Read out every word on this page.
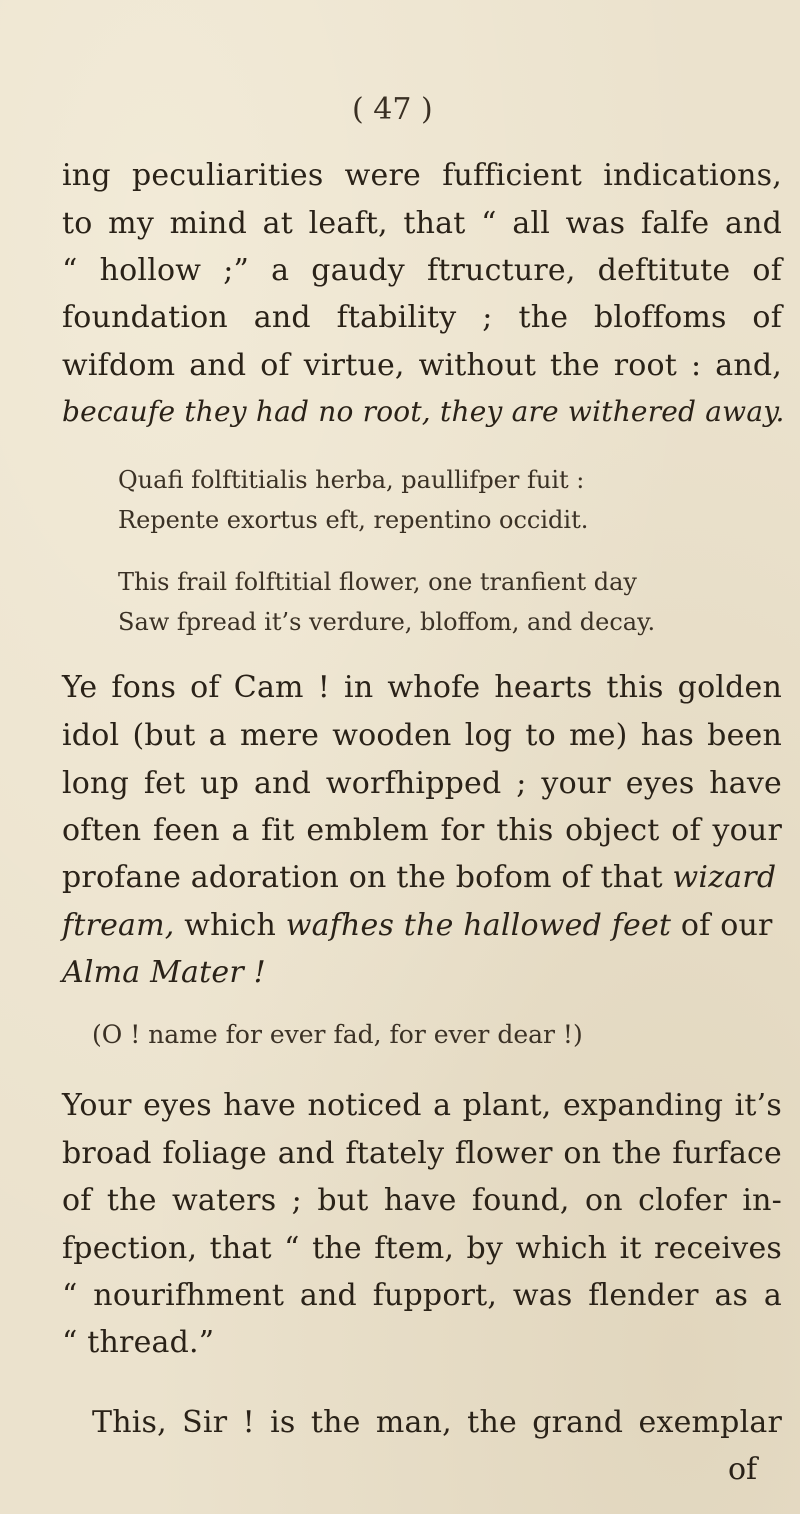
( 47 )
ing peculiarities were fufficient indications,
to my mind at leaft, that “ all was falfe and
“ hollow ;” a gaudy ftructure, deftitute of
foundation and ftability ; the bloffoms of
wifdom and of virtue, without the root : and,
becaufe they had no root, they are withered away.
Quafi folftitialis herba, paullifper fuit :
Repente exortus eft, repentino occidit.
This frail folftitial flower, one tranfient day
Saw fpread it’s verdure, bloffom, and decay.
Ye fons of Cam ! in whofe hearts this golden
idol (but a mere wooden log to me) has been
long fet up and worfhipped ; your eyes have
often feen a fit emblem for this object of your
profane adoration on the bofom of that wizard
ftream, which wafhes the hallowed feet of our
Alma Mater !
(O ! name for ever fad, for ever dear !)
Your eyes have noticed a plant, expanding it’s
broad foliage and ftately flower on the furface
of the waters ; but have found, on clofer in-
fpection, that “ the ftem, by which it receives
“ nourifhment and fupport, was flender as a
“ thread.”
This, Sir ! is the man, the grand exemplar
of
